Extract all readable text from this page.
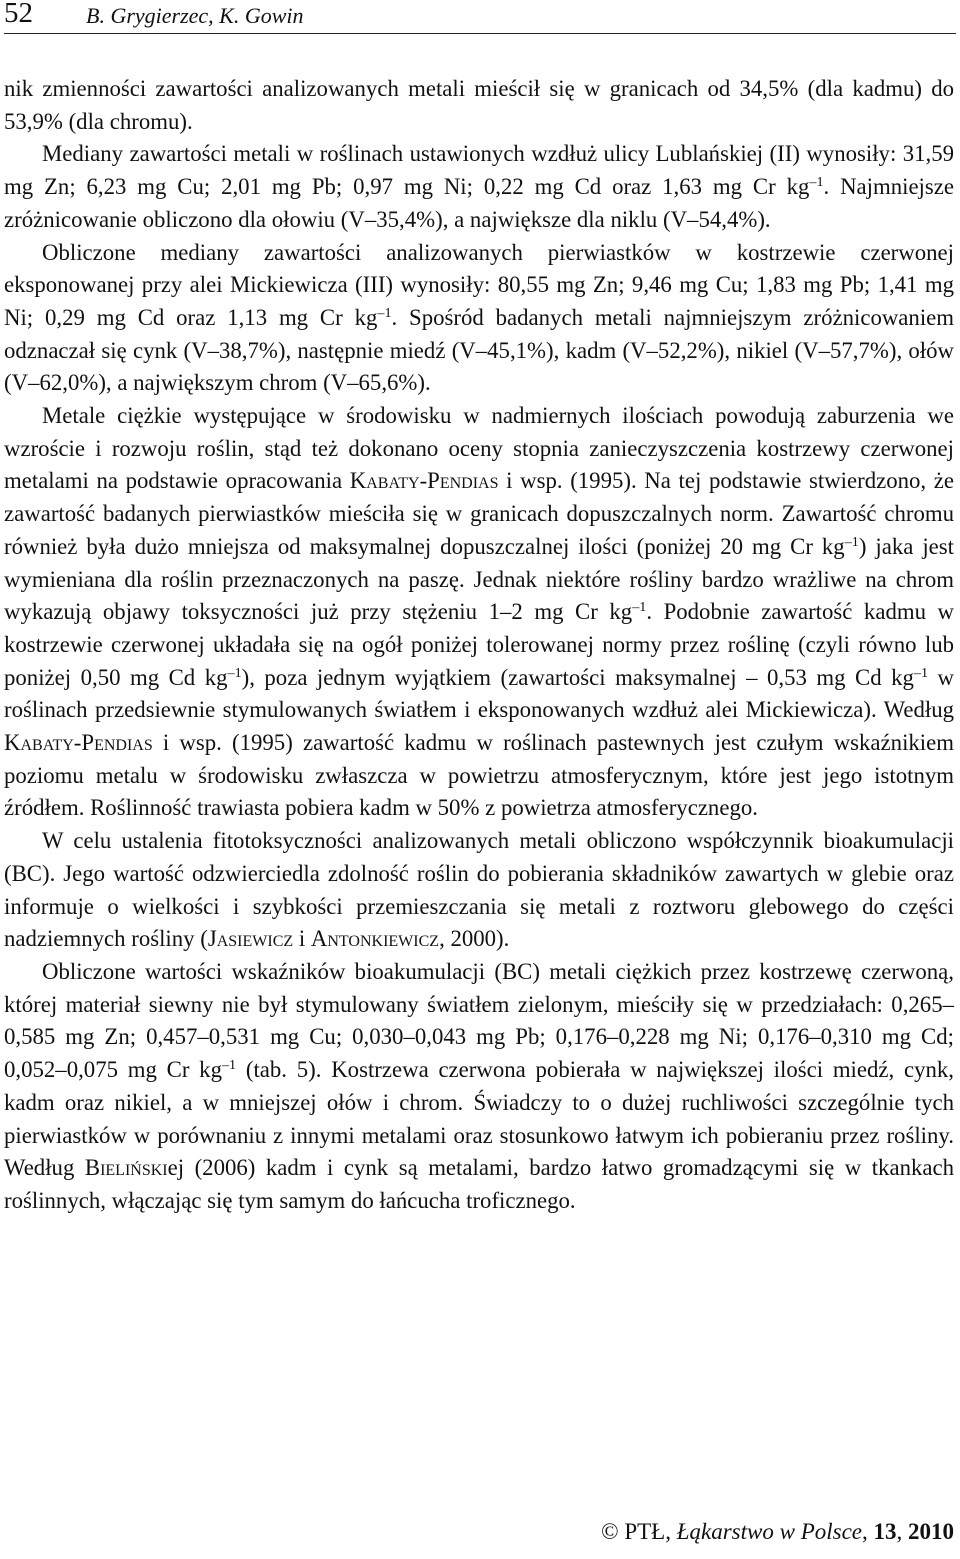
52 B. Grygierzec, K. Gowin

nik zmienności zawartości analizowanych metali mieścił się w granicach od 34,5% (dla kadmu) do 53,9% (dla chromu).

Mediany zawartości metali w roślinach ustawionych wzdłuż ulicy Lublańskiej (II) wynosiły: 31,59 mg Zn; 6,23 mg Cu; 2,01 mg Pb; 0,97 mg Ni; 0,22 mg Cd oraz 1,63 mg Cr $kg^{-1}$. Najmniejsze zróżnicowanie obliczono dla ołowiu (V–35,4%), a największe dla niklu (V–54,4%).

Obliczone mediany zawartości analizowanych pierwiastków w kostrzewie czerwonej eksponowanej przy alei Mickiewicza (III) wynosiły: 80,55 mg Zn; 9,46 mg Cu; 1,83 mg Pb; 1,41 mg Ni; 0,29 mg Cd oraz 1,13 mg Cr $kg^{-1}$. Spośród badanych metali najmniejszym zróżnicowaniem odznaczał się cynk (V–38,7%), następnie miedź (V–45,1%), kadm (V–52,2%), nikiel (V–57,7%), ołów (V–62,0%), a największym chrom (V–65,6%).

Metale ciężkie występujące w środowisku w nadmiernych ilościach powodują zaburzenia we wzroście i rozwoju roślin, stąd też dokonano oceny stopnia zanieczyszczenia kostrzewy czerwonej metalami na podstawie opracowania Kabaty-Pendias i wsp. (1995). Na tej podstawie stwierdzono, że zawartość badanych pierwiastków mieściła się w granicach dopuszczalnych norm. Zawartość chromu również była dużo mniejsza od maksymalnej dopuszczalnej ilości (poniżej 20 mg Cr $kg^{-1}$) jaka jest wymieniana dla roślin przeznaczonych na paszę. Jednak niektóre rośliny bardzo wrażliwe na chrom wykazują objawy toksyczności już przy stężeniu 1–2 mg Cr $kg^{-1}$. Podobnie zawartość kadmu w kostrzewie czerwonej układała się na ogół poniżej tolerowanej normy przez roślinę (czyli równo lub poniżej 0,50 mg Cd $kg^{-1}$), poza jednym wyjątkiem (zawartości maksymalnej – 0,53 mg Cd $kg^{-1}$ w roślinach przedsiewnie stymulowanych światłem i eksponowanych wzdłuż alei Mickiewicza). Według Kabaty-Pendias i wsp. (1995) zawartość kadmu w roślinach pastewnych jest czułym wskaźnikiem poziomu metalu w środowisku zwłaszcza w powietrzu atmosferycznym, które jest jego istotnym źródłem. Roślinność trawiasta pobiera kadm w 50% z powietrza atmosferycznego.

W celu ustalenia fitotoksyczności analizowanych metali obliczono współczynnik bioakumulacji (BC). Jego wartość odzwierciedla zdolność roślin do pobierania składników zawartych w glebie oraz informuje o wielkości i szybkości przemieszczania się metali z roztworu glebowego do części nadziemnych rośliny (Jasiewicz i Antonkiewicz, 2000).

Obliczone wartości wskaźników bioakumulacji (BC) metali ciężkich przez kostrzewę czerwoną, której materiał siewny nie był stymulowany światłem zielonym, mieściły się w przedziałach: 0,265–0,585 mg Zn; 0,457–0,531 mg Cu; 0,030–0,043 mg Pb; 0,176–0,228 mg Ni; 0,176–0,310 mg Cd; 0,052–0,075 mg Cr $kg^{-1}$ (tab. 5). Kostrzewa czerwona pobierała w największej ilości miedź, cynk, kadm oraz nikiel, a w mniejszej ołów i chrom. Świadczy to o dużej ruchliwości szczególnie tych pierwiastków w porównaniu z innymi metalami oraz stosunkowo łatwym ich pobieraniu przez rośliny. Według Bielińskiej (2006) kadm i cynk są metalami, bardzo łatwo gromadzącymi się w tkankach roślinnych, włączając się tym samym do łańcucha troficznego.

© PTŁ, Łąkarstwo w Polsce, 13, 2010
